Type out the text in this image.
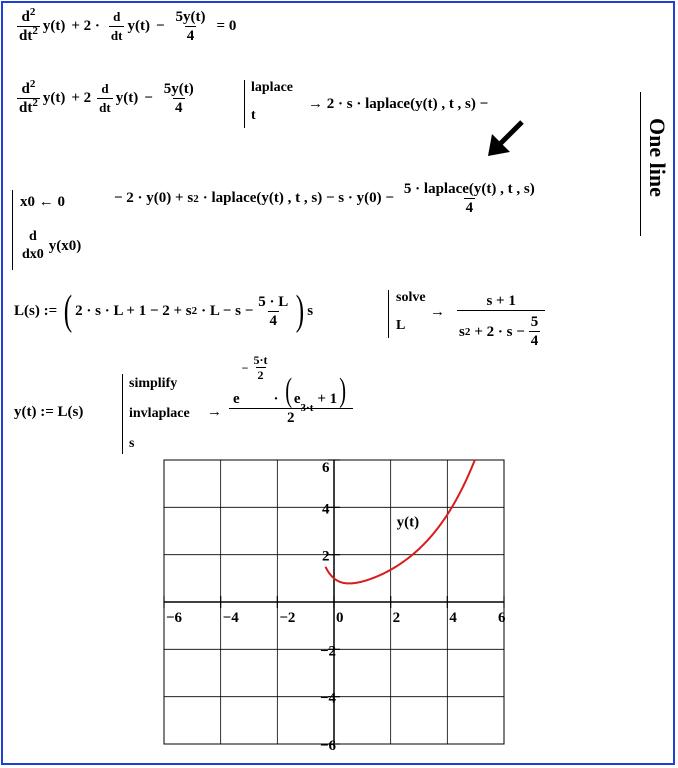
$\frac{d^2}{dt^2} y(t) + 2 \cdot \frac{d}{dt} y(t) - \frac{5y(t)}{4} = 0$
$\frac{d^2}{dt^2} y(t) + 2 \frac{d}{dt} y(t) - \frac{5y(t)}{4}$	laplace
t
→ 2 · s · laplace(y(t) , t , s) −
x0 ← 0	− 2 · y(0) + s 2 · laplace(y(t) , t , $s) - s \cdot y(0) - \frac{\text{5 · laplace(y(t) , t , s)}}{4}$
d
dx0
y(x0)
One line
L(s) := ( 2 · s · L + 1 − 2 + s $2 \cdot L - s - \frac{5 \cdot L}{4}$ ) s
solve
L
→ $\frac{s + 1}{s 2 + 2 \cdot s - \frac{5}{4}}$
y(t) := L(s)
simplify
invlaplace
s
→
e
− $\frac{5\cdot t}{2}$
· ( e
3·t
+ 1 )
2
−6	−4	−2	0	2	4	6
6
4
2
−2
−4
−6
y(t)
